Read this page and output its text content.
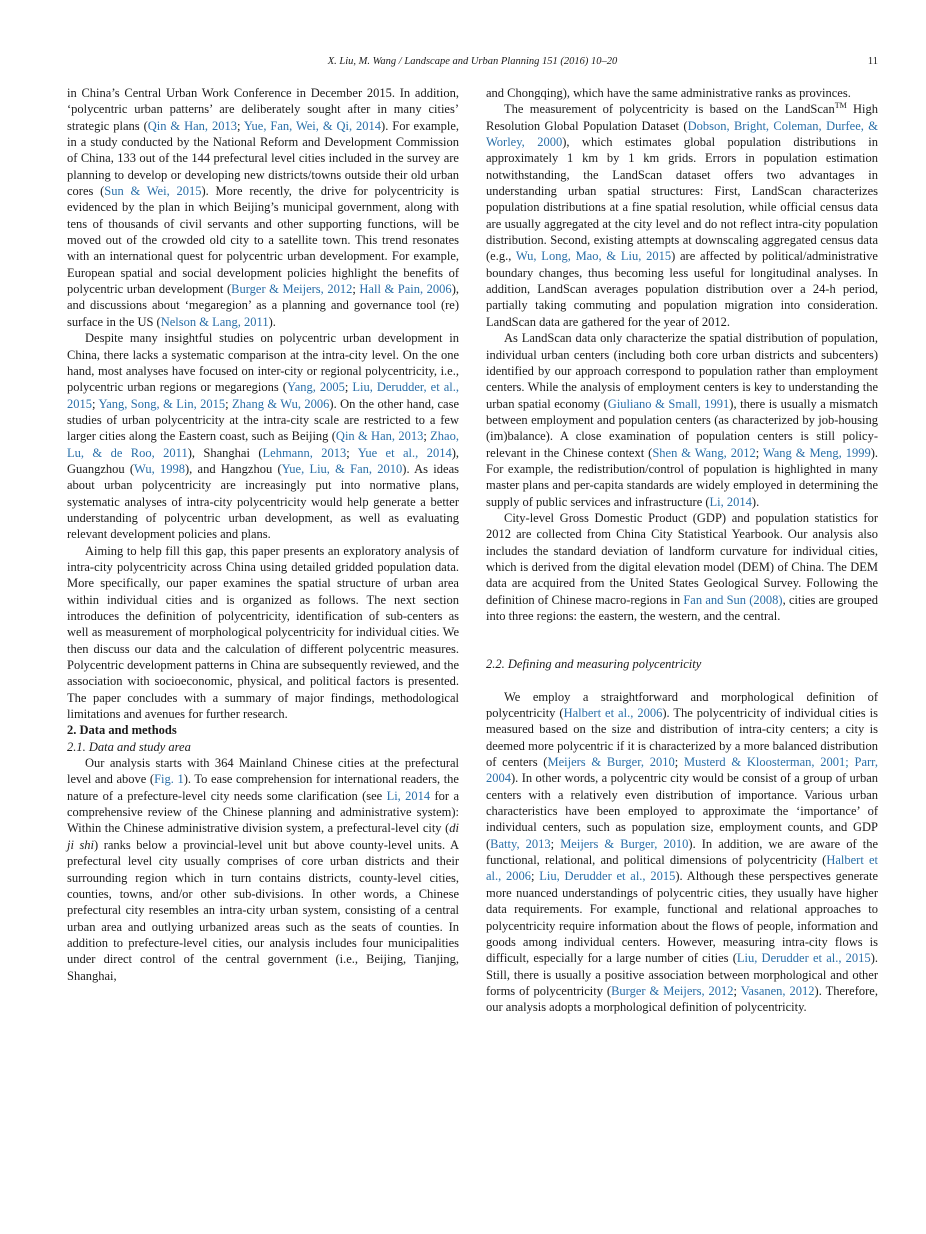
X. Liu, M. Wang / Landscape and Urban Planning 151 (2016) 10–20	11

in China’s Central Urban Work Conference in December 2015. In addition, ‘polycentric urban patterns’ are deliberately sought after in many cities’ strategic plans (Qin & Han, 2013; Yue, Fan, Wei, & Qi, 2014). For example, in a study conducted by the National Reform and Development Commission of China, 133 out of the 144 prefectural level cities included in the survey are planning to develop or developing new districts/towns outside their old urban cores (Sun & Wei, 2015). More recently, the drive for polycentricity is evidenced by the plan in which Beijing’s municipal government, along with tens of thousands of civil servants and other supporting functions, will be moved out of the crowded old city to a satellite town. This trend resonates with an international quest for polycentric urban development. For example, European spatial and social development policies highlight the benefits of polycentric urban development (Burger & Meijers, 2012; Hall & Pain, 2006), and discussions about ‘megaregion’ as a planning and governance tool (re) surface in the US (Nelson & Lang, 2011).

Despite many insightful studies on polycentric urban development in China, there lacks a systematic comparison at the intra-city level. On the one hand, most analyses have focused on inter-city or regional polycentricity, i.e., polycentric urban regions or megaregions (Yang, 2005; Liu, Derudder, et al., 2015; Yang, Song, & Lin, 2015; Zhang & Wu, 2006). On the other hand, case studies of urban polycentricity at the intra-city scale are restricted to a few larger cities along the Eastern coast, such as Beijing (Qin & Han, 2013; Zhao, Lu, & de Roo, 2011), Shanghai (Lehmann, 2013; Yue et al., 2014), Guangzhou (Wu, 1998), and Hangzhou (Yue, Liu, & Fan, 2010). As ideas about urban polycentricity are increasingly put into normative plans, systematic analyses of intra-city polycentricity would help generate a better understanding of polycentric urban development, as well as evaluating relevant development policies and plans.

Aiming to help fill this gap, this paper presents an exploratory analysis of intra-city polycentricity across China using detailed gridded population data. More specifically, our paper examines the spatial structure of urban area within individual cities and is organized as follows. The next section introduces the definition of polycentricity, identification of sub-centers as well as measurement of morphological polycentricity for individual cities. We then discuss our data and the calculation of different polycentric measures. Polycentric development patterns in China are subsequently reviewed, and the association with socioeconomic, physical, and political factors is presented. The paper concludes with a summary of major findings, methodological limitations and avenues for further research.

2. Data and methods

2.1. Data and study area

Our analysis starts with 364 Mainland Chinese cities at the prefectural level and above (Fig. 1). To ease comprehension for international readers, the nature of a prefecture-level city needs some clarification (see Li, 2014 for a comprehensive review of the Chinese planning and administrative system): Within the Chinese administrative division system, a prefectural-level city (di ji shi) ranks below a provincial-level unit but above county-level units. A prefectural level city usually comprises of core urban districts and their surrounding region which in turn contains districts, county-level cities, counties, towns, and/or other sub-divisions. In other words, a Chinese prefectural city resembles an intra-city urban system, consisting of a central urban area and outlying urbanized areas such as the seats of counties. In addition to prefecture-level cities, our analysis includes four municipalities under direct control of the central government (i.e., Beijing, Tianjing, Shanghai,

and Chongqing), which have the same administrative ranks as provinces.

The measurement of polycentricity is based on the LandScan™ High Resolution Global Population Dataset (Dobson, Bright, Coleman, Durfee, & Worley, 2000), which estimates global population distributions in approximately 1 km by 1 km grids. Errors in population estimation notwithstanding, the LandScan dataset offers two advantages in understanding urban spatial structures: First, LandScan characterizes population distributions at a fine spatial resolution, while official census data are usually aggregated at the city level and do not reflect intra-city population distribution. Second, existing attempts at downscaling aggregated census data (e.g., Wu, Long, Mao, & Liu, 2015) are affected by political/administrative boundary changes, thus becoming less useful for longitudinal analyses. In addition, LandScan averages population distribution over a 24-h period, partially taking commuting and population migration into consideration. LandScan data are gathered for the year of 2012.

As LandScan data only characterize the spatial distribution of population, individual urban centers (including both core urban districts and subcenters) identified by our approach correspond to population rather than employment centers. While the analysis of employment centers is key to understanding the urban spatial economy (Giuliano & Small, 1991), there is usually a mismatch between employment and population centers (as characterized by job-housing (im)balance). A close examination of population centers is still policy-relevant in the Chinese context (Shen & Wang, 2012; Wang & Meng, 1999). For example, the redistribution/control of population is highlighted in many master plans and per-capita standards are widely employed in determining the supply of public services and infrastructure (Li, 2014).

City-level Gross Domestic Product (GDP) and population statistics for 2012 are collected from China City Statistical Yearbook. Our analysis also includes the standard deviation of landform curvature for individual cities, which is derived from the digital elevation model (DEM) of China. The DEM data are acquired from the United States Geological Survey. Following the definition of Chinese macro-regions in Fan and Sun (2008), cities are grouped into three regions: the eastern, the western, and the central.

2.2. Defining and measuring polycentricity

We employ a straightforward and morphological definition of polycentricity (Halbert et al., 2006). The polycentricity of individual cities is measured based on the size and distribution of intra-city centers; a city is deemed more polycentric if it is characterized by a more balanced distribution of centers (Meijers & Burger, 2010; Musterd & Kloosterman, 2001; Parr, 2004). In other words, a polycentric city would be consist of a group of urban centers with a relatively even distribution of importance. Various urban characteristics have been employed to approximate the ‘importance’ of individual centers, such as population size, employment counts, and GDP (Batty, 2013; Meijers & Burger, 2010). In addition, we are aware of the functional, relational, and political dimensions of polycentricity (Halbert et al., 2006; Liu, Derudder et al., 2015). Although these perspectives generate more nuanced understandings of polycentric cities, they usually have higher data requirements. For example, functional and relational approaches to polycentricity require information about the flows of people, information and goods among individual centers. However, measuring intra-city flows is difficult, especially for a large number of cities (Liu, Derudder et al., 2015). Still, there is usually a positive association between morphological and other forms of polycentricity (Burger & Meijers, 2012; Vasanen, 2012). Therefore, our analysis adopts a morphological definition of polycentricity.
